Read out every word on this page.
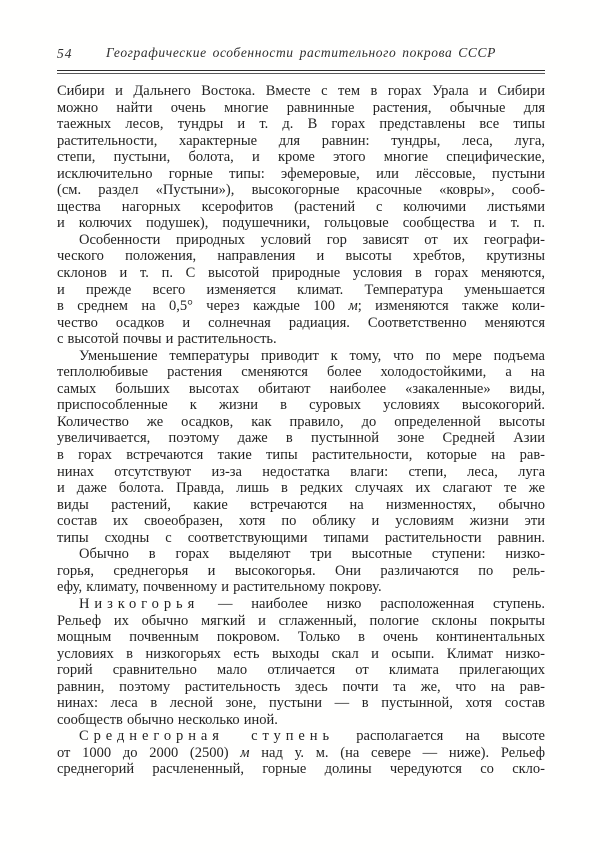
54	Географические особенности растительного покрова СССР
Сибири и Дальнего Востока. Вместе с тем в горах Урала и Сибири
можно найти очень многие равнинные растения, обычные для
таежных лесов, тундры и т. д. В горах представлены все типы
растительности, характерные для равнин: тундры, леса, луга,
степи, пустыни, болота, и кроме этого многие специфические,
исключительно горные типы: эфемеровые, или лёссовые, пустыни
(см. раздел «Пустыни»), высокогорные красочные «ковры», сооб-
щества нагорных ксерофитов (растений с колючими листьями
и колючих подушек), подушечники, гольцовые сообщества и т. п.
Особенности природных условий гор зависят от их географи-
ческого положения, направления и высоты хребтов, крутизны
склонов и т. п. С высотой природные условия в горах меняются,
и прежде всего изменяется климат. Температура уменьшается
в среднем на 0,5° через каждые 100 м; изменяются также коли-
чество осадков и солнечная радиация. Соответственно меняются
с высотой почвы и растительность.
Уменьшение температуры приводит к тому, что по мере подъема
теплолюбивые растения сменяются более холодостойкими, а на
самых больших высотах обитают наиболее «закаленные» виды,
приспособленные к жизни в суровых условиях высокогорий.
Количество же осадков, как правило, до определенной высоты
увеличивается, поэтому даже в пустынной зоне Средней Азии
в горах встречаются такие типы растительности, которые на рав-
нинах отсутствуют из-за недостатка влаги: степи, леса, луга
и даже болота. Правда, лишь в редких случаях их слагают те же
виды растений, какие встречаются на низменностях, обычно
состав их своеобразен, хотя по облику и условиям жизни эти
типы сходны с соответствующими типами растительности равнин.
Обычно в горах выделяют три высотные ступени: низко-
горья, среднегорья и высокогорья. Они различаются по рель-
ефу, климату, почвенному и растительному покрову.
Низкогорья — наиболее низко расположенная ступень.
Рельеф их обычно мягкий и сглаженный, пологие склоны покрыты
мощным почвенным покровом. Только в очень континентальных
условиях в низкогорьях есть выходы скал и осыпи. Климат низко-
горий сравнительно мало отличается от климата прилегающих
равнин, поэтому растительность здесь почти та же, что на рав-
нинах: леса в лесной зоне, пустыни — в пустынной, хотя состав
сообществ обычно несколько иной.
Среднегорная ступень располагается на высоте
от 1000 до 2000 (2500) м над у. м. (на севере — ниже). Рельеф
среднегорий расчлененный, горные долины чередуются со скло-
